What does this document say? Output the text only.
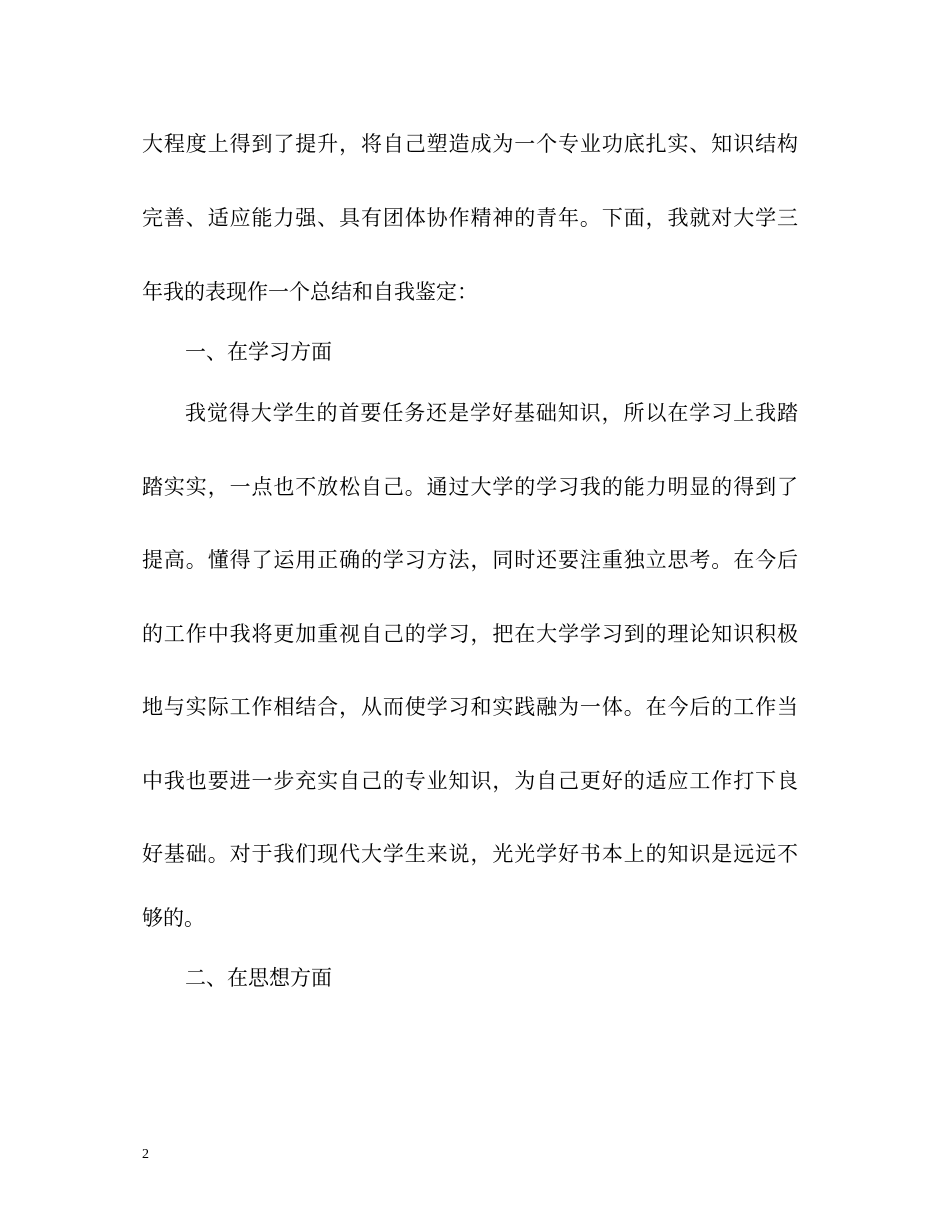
大程度上得到了提升，将自己塑造成为一个专业功底扎实、知识结构
完善、适应能力强、具有团体协作精神的青年。下面，我就对大学三
年我的表现作一个总结和自我鉴定：
一、在学习方面
我觉得大学生的首要任务还是学好基础知识，所以在学习上我踏
踏实实，一点也不放松自己。通过大学的学习我的能力明显的得到了
提高。懂得了运用正确的学习方法，同时还要注重独立思考。在今后
的工作中我将更加重视自己的学习，把在大学学习到的理论知识积极
地与实际工作相结合，从而使学习和实践融为一体。在今后的工作当
中我也要进一步充实自己的专业知识，为自己更好的适应工作打下良
好基础。对于我们现代大学生来说，光光学好书本上的知识是远远不
够的。
二、在思想方面
2
